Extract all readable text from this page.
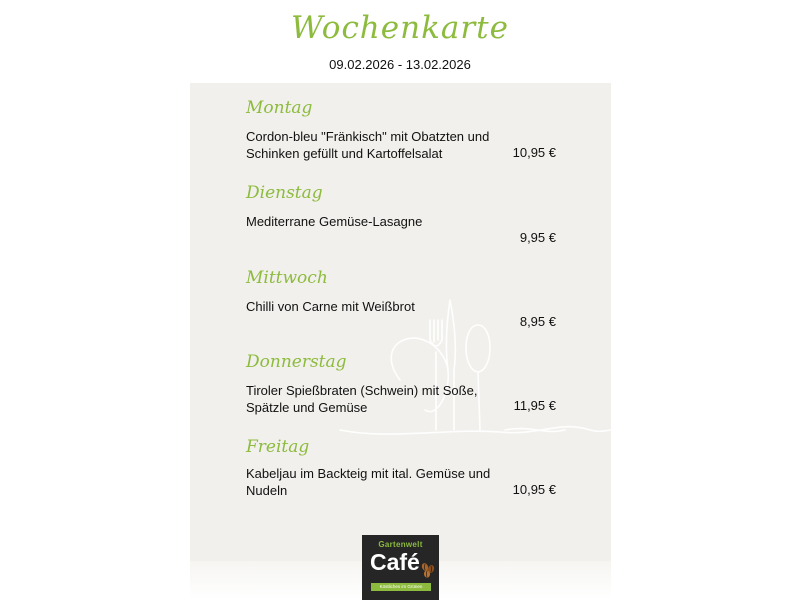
Wochenkarte
09.02.2026 - 13.02.2026
Montag
Cordon-bleu "Fränkisch" mit Obatzten und Schinken gefüllt und Kartoffelsalat	10,95 €
Dienstag
Mediterrane Gemüse-Lasagne
9,95 €
Mittwoch
Chilli von Carne mit Weißbrot
8,95 €
Donnerstag
Tiroler Spießbraten (Schwein) mit Soße, Spätzle und Gemüse	11,95 €
Freitag
Kabeljau im Backteig mit ital. Gemüse und Nudeln	10,95 €
Gartenwelt
Café
Köstliches im Grünen
